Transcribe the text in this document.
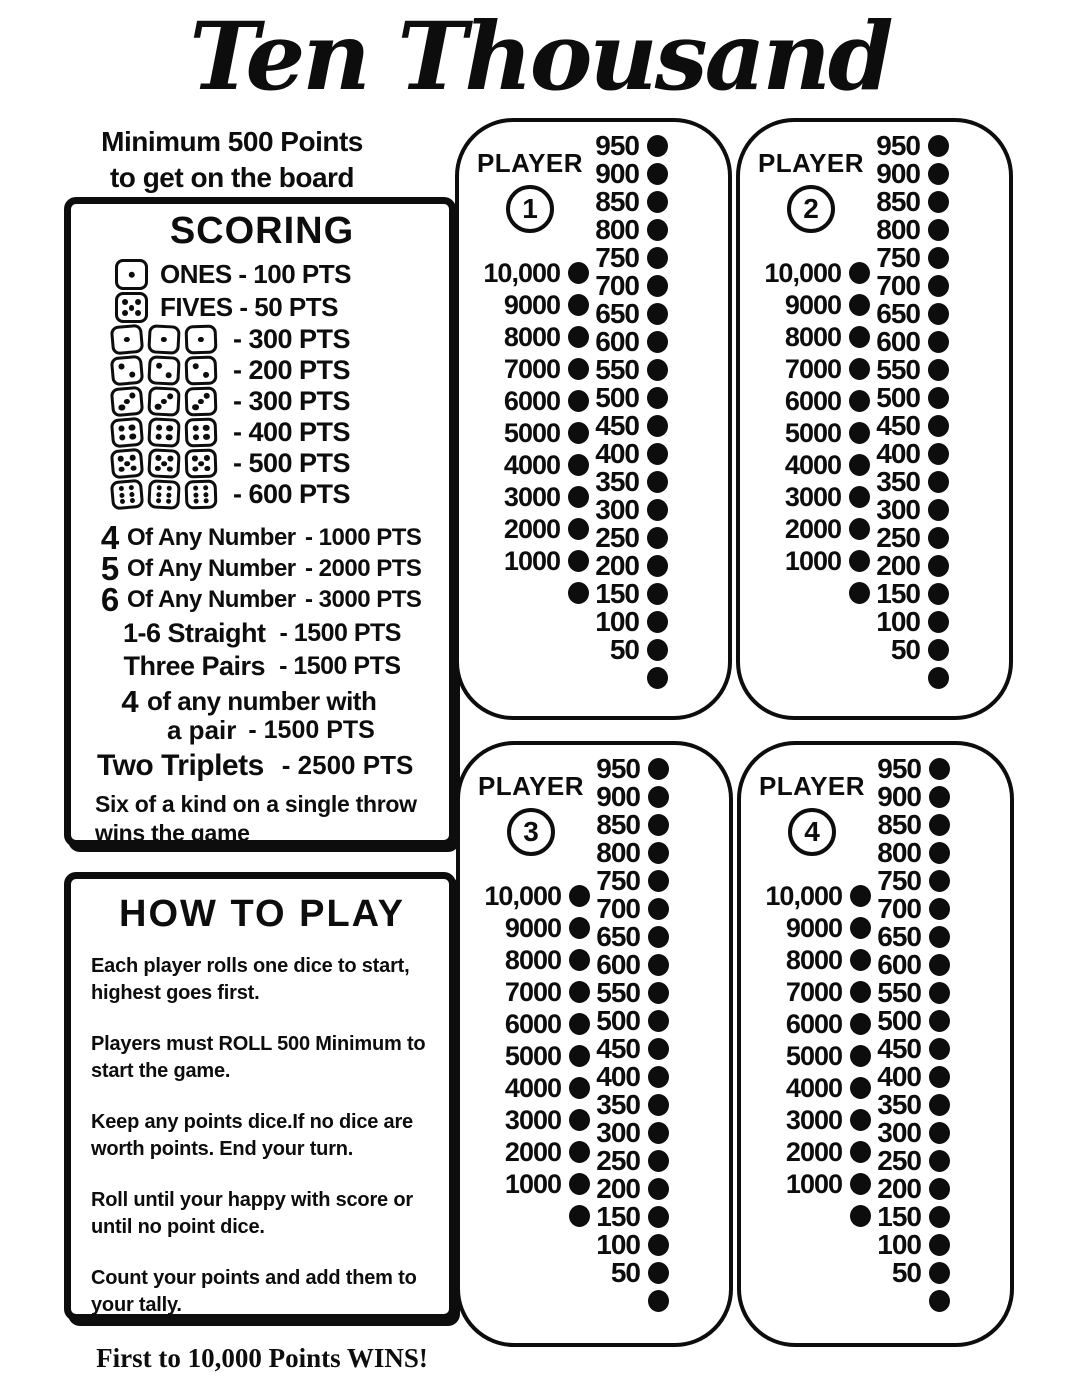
Ten Thousand
Minimum 500 Points
to get on the board
SCORING
ONES - 100 PTS
FIVES - 50 PTS
- 300 PTS
- 200 PTS
- 300 PTS
- 400 PTS
- 500 PTS
- 600 PTS
4 Of Any Number - 1000 PTS
5 Of Any Number - 2000 PTS
6 Of Any Number - 3000 PTS
1-6 Straight - 1500 PTS
Three Pairs - 1500 PTS
4 of any number with
a pair - 1500 PTS
Two Triplets - 2500 PTS
Six of a kind on a single throw wins the game
HOW TO PLAY

Each player rolls one dice to start, highest goes first.

Players must ROLL 500 Minimum to start the game.

Keep any points dice.If no dice are worth points. End your turn.

Roll until your happy with score or until no point dice.

Count your points and add them to your tally.

First to 10,000 Points WINS!
PLAYER
1
10,000
9000
8000
7000
6000
5000
4000
3000
2000
1000
950
900
850
800
750
700
650
600
550
500
450
400
350
300
250
200
150
100
50
PLAYER
2
10,000
9000
8000
7000
6000
5000
4000
3000
2000
1000
950
900
850
800
750
700
650
600
550
500
450
400
350
300
250
200
150
100
50
PLAYER
3
10,000
9000
8000
7000
6000
5000
4000
3000
2000
1000
950
900
850
800
750
700
650
600
550
500
450
400
350
300
250
200
150
100
50
PLAYER
4
10,000
9000
8000
7000
6000
5000
4000
3000
2000
1000
950
900
850
800
750
700
650
600
550
500
450
400
350
300
250
200
150
100
50
